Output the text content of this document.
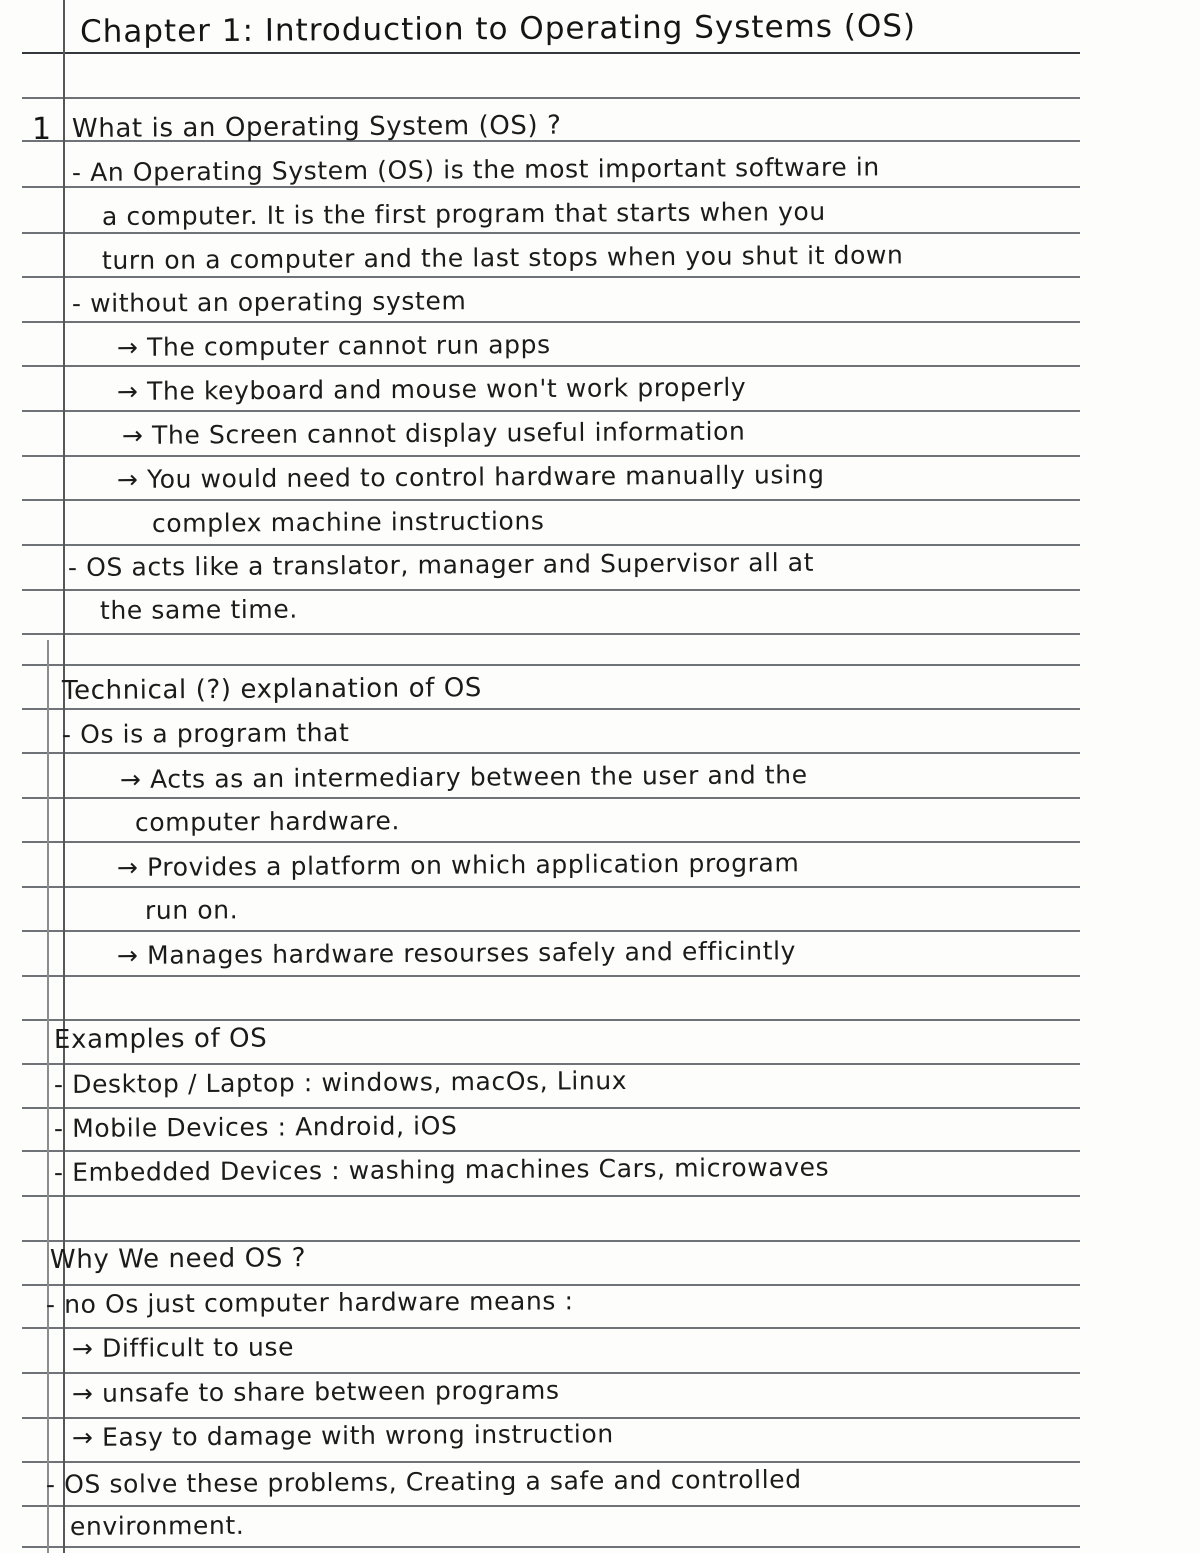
Chapter 1: Introduction to Operating Systems (OS)
1 What is an Operating System (OS) ?
- An Operating System (OS) is the most important software in
a computer. It is the first program that starts when you
turn on a computer and the last stops when you shut it down
- without an operating system
→ The computer cannot run apps
→ The keyboard and mouse won't work properly
→ The Screen cannot display useful information
→ You would need to control hardware manually using
complex machine instructions
- OS acts like a translator, manager and Supervisor all at
the same time.
Technical (?) explanation of OS
- Os is a program that
→ Acts as an intermediary between the user and the
computer hardware.
→ Provides a platform on which application program
run on.
→ Manages hardware resourses safely and efficintly
Examples of OS
- Desktop / Laptop : windows, macOs, Linux
- Mobile Devices : Android, iOS
- Embedded Devices : washing machines Cars, microwaves
Why We need OS ?
- no Os just computer hardware means :
→ Difficult to use
→ unsafe to share between programs
→ Easy to damage with wrong instruction
- OS solve these problems, Creating a safe and controlled
environment.
